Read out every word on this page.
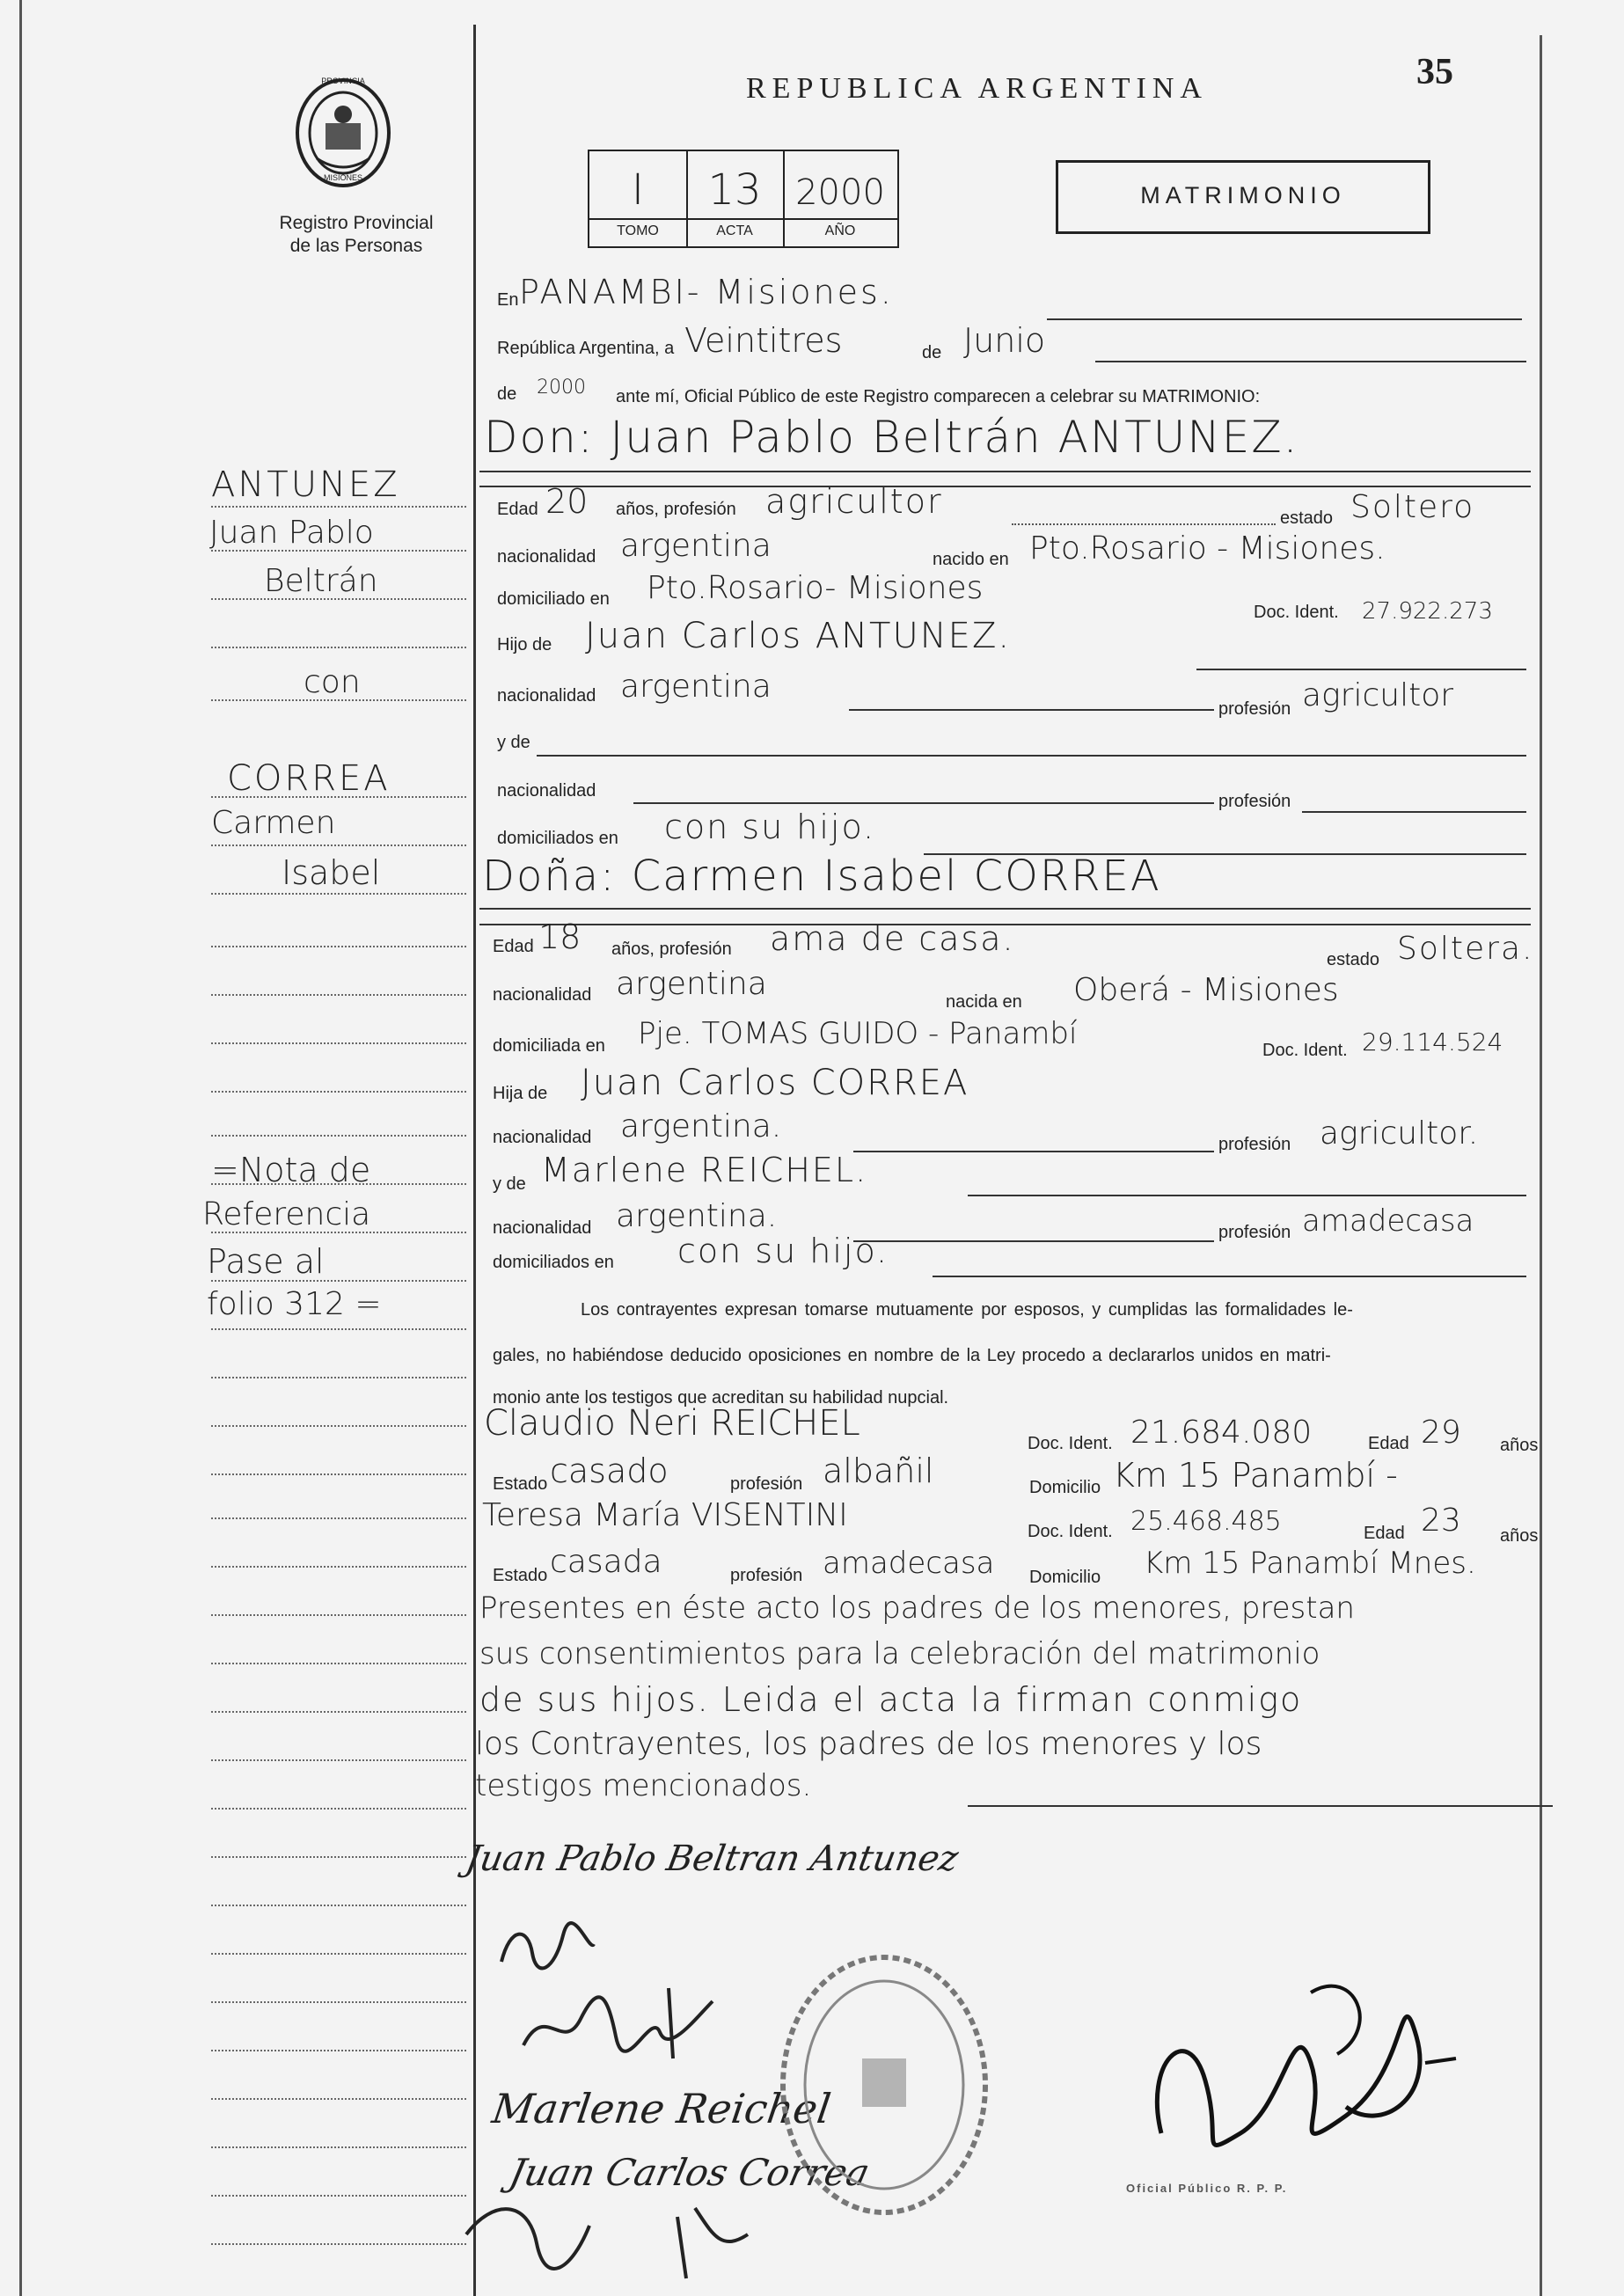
PROVINCIA
MISIONES
Registro Provincial
de las Personas
REPUBLICA ARGENTINA	35
I	13 2000
TOMO	ACTA	AÑO
MATRIMONIO
ANTUNEZ
Juan Pablo
Beltrán
con
CORREA
Carmen
Isabel
=Nota de
Referencia
Pase al
folio 312 =
En PANAMBI- Misiones.
República Argentina, a Veintitres	de Junio
de 2000 ante mí, Oficial Público de este Registro comparecen a celebrar su MATRIMONIO:
Don: Juan Pablo Beltrán ANTUNEZ.
Edad 20 años, profesión agricultor	estado Soltero
nacionalidad argentina	nacido en Pto.Rosario - Misiones.
domiciliado en Pto.Rosario- Misiones
Doc. Ident. 27.922.273
Hijo de Juan Carlos ANTUNEZ.
nacionalidad argentina
profesión agricultor
y de
nacionalidad
profesión
domiciliados en con su hijo.
Doña: Carmen Isabel CORREA
Edad 18 años, profesión ama de casa.
estado Soltera.
nacionalidad argentina	nacida en Oberá - Misiones
domiciliada en Pje. TOMAS GUIDO - Panambí	Doc. Ident. 29.114.524
Hija de Juan Carlos CORREA
nacionalidad argentina.	profesión agricultor.
y de Marlene REICHEL.
nacionalidad argentina.	profesión amadecasa
domiciliados en con su hijo.
Los contrayentes expresan tomarse mutuamente por esposos, y cumplidas las formalidades le-
gales, no habiéndose deducido oposiciones en nombre de la Ley procedo a declararlos unidos en matri-
monio ante los testigos que acreditan su habilidad nupcial.
Claudio Neri REICHEL	Doc. Ident. 21.684.080	Edad 29 años
Estado casado	profesión albañil	Domicilio Km 15 Panambí -
Teresa María VISENTINI	Doc. Ident. 25.468.485	Edad 23 años
Estado casada	profesión amadecasa Domicilio Km 15 Panambí Mnes.
Presentes en éste acto los padres de los menores, prestan
sus consentimientos para la celebración del matrimonio
de sus hijos. Leida el acta la firman conmigo
los Contrayentes, los padres de los menores y los
testigos mencionados.
Juan Pablo Beltran Antunez
Marlene Reichel
Juan Carlos Correa	Oficial Público R. P. P.
